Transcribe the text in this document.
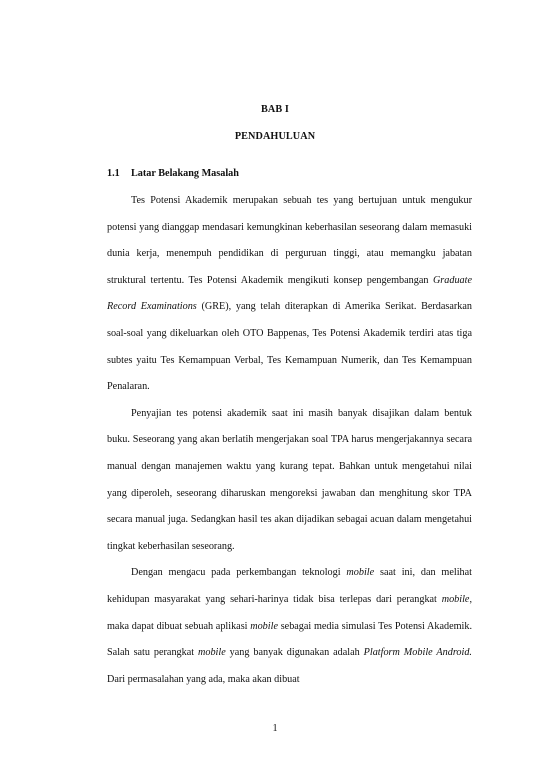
BAB I
PENDAHULUAN
1.1 Latar Belakang Masalah

Tes Potensi Akademik merupakan sebuah tes yang bertujuan untuk mengukur potensi yang dianggap mendasari kemungkinan keberhasilan seseorang dalam memasuki dunia kerja, menempuh pendidikan di perguruan tinggi, atau memangku jabatan struktural tertentu. Tes Potensi Akademik mengikuti konsep pengembangan Graduate Record Examinations (GRE), yang telah diterapkan di Amerika Serikat. Berdasarkan soal-soal yang dikeluarkan oleh OTO Bappenas, Tes Potensi Akademik terdiri atas tiga subtes yaitu Tes Kemampuan Verbal, Tes Kemampuan Numerik, dan Tes Kemampuan Penalaran.

Penyajian tes potensi akademik saat ini masih banyak disajikan dalam bentuk buku. Seseorang yang akan berlatih mengerjakan soal TPA harus mengerjakannya secara manual dengan manajemen waktu yang kurang tepat. Bahkan untuk mengetahui nilai yang diperoleh, seseorang diharuskan mengoreksi jawaban dan menghitung skor TPA secara manual juga. Sedangkan hasil tes akan dijadikan sebagai acuan dalam mengetahui tingkat keberhasilan seseorang.

Dengan mengacu pada perkembangan teknologi mobile saat ini, dan melihat kehidupan masyarakat yang sehari-harinya tidak bisa terlepas dari perangkat mobile, maka dapat dibuat sebuah aplikasi mobile sebagai media simulasi Tes Potensi Akademik. Salah satu perangkat mobile yang banyak digunakan adalah Platform Mobile Android. Dari permasalahan yang ada, maka akan dibuat

1
